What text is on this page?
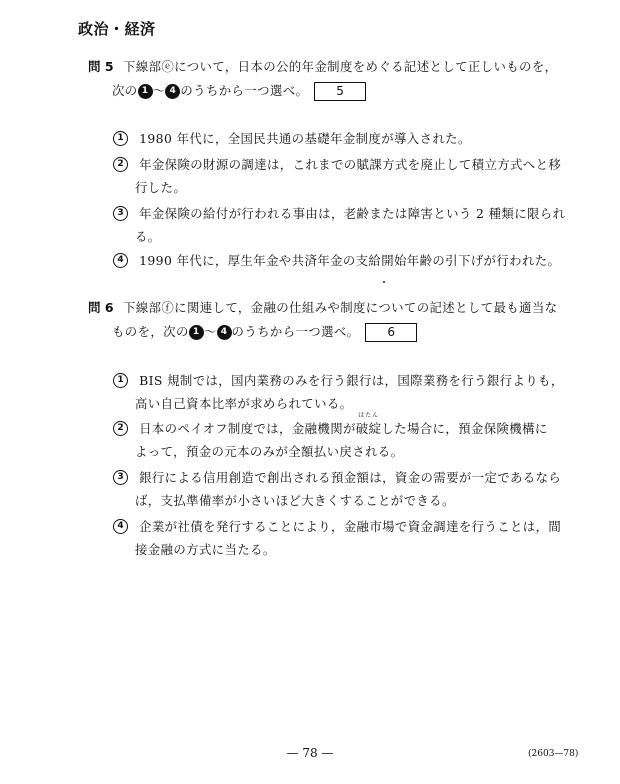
政治・経済
問 5 下線部ⓔについて，日本の公的年金制度をめぐる記述として正しいものを，
次の 1 ～ 4 のうちから一つ選べ。 5
1 1980 年代に，全国民共通の基礎年金制度が導入された。
2 年金保険の財源の調達は，これまでの賦課方式を廃止して積立方式へと移
行した。
3 年金保険の給付が行われる事由は，老齢または障害という 2 種類に限られ
る。
4 1990 年代に，厚生年金や共済年金の支給開始年齢の引下げが行われた。
問 6 下線部ⓕに関連して，金融の仕組みや制度についての記述として最も適当な
ものを，次の 1 ～ 4 のうちから一つ選べ。 6
1 BIS 規制では，国内業務のみを行う銀行は，国際業務を行う銀行よりも，
高い自己資本比率が求められている。
2 日本のペイオフ制度では，金融機関が
はたん
破綻した場合に，預金保険機構に
よって，預金の元本のみが全額払い戻される。
3 銀行による信用創造で創出される預金額は，資金の需要が一定であるなら
ば，支払準備率が小さいほど大きくすることができる。
4 企業が社債を発行することにより，金融市場で資金調達を行うことは，間
接金融の方式に当たる。
— 78 —	(2603—78)
